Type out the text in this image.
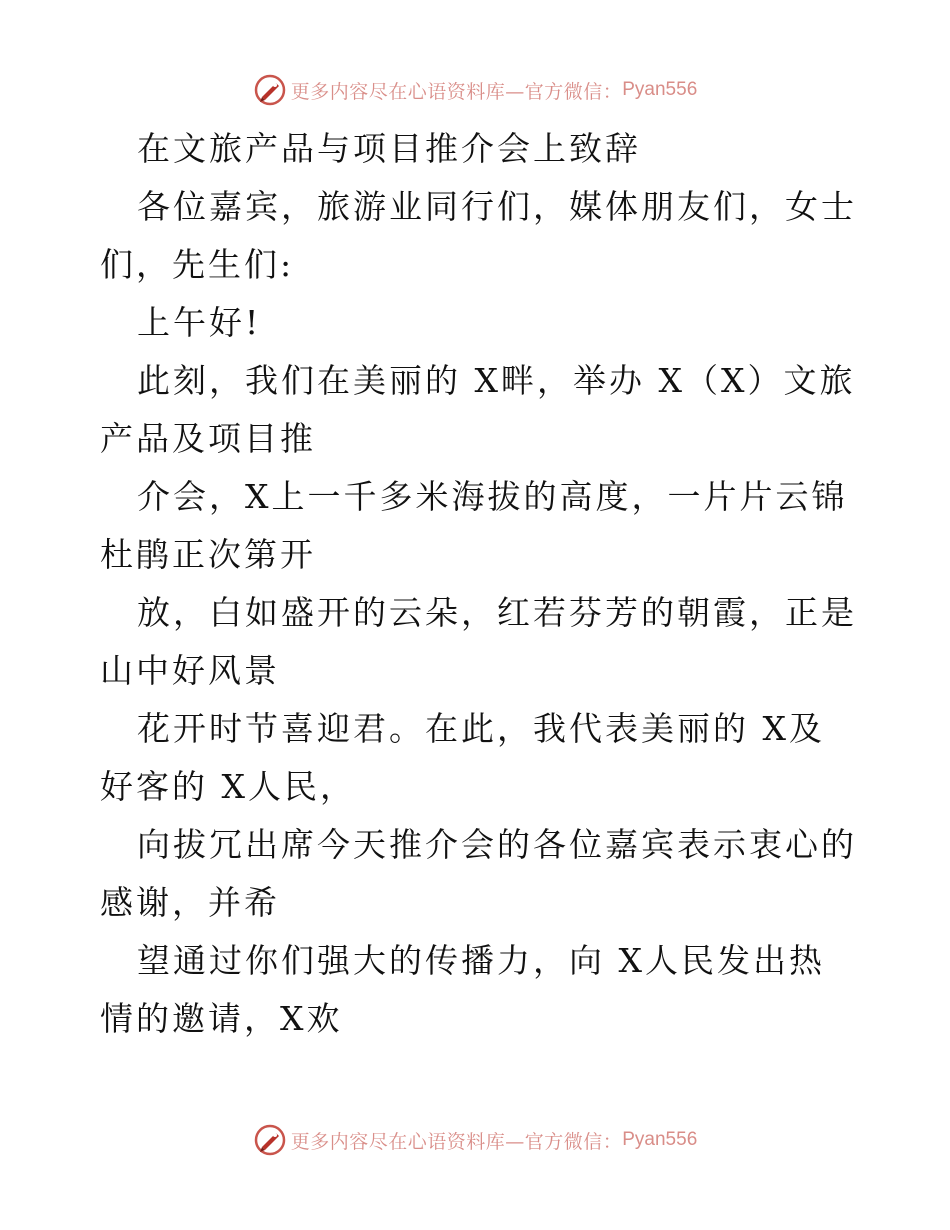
更多内容尽在心语资料库—官方微信： Pyan556

在文旅产品与项目推介会上致辞

各位嘉宾，旅游业同行们，媒体朋友们，女士们，先生们:

上午好!

此刻，我们在美丽的 X畔，举办 X（X）文旅产品及项目推

介会，X上一千多米海拔的高度，一片片云锦杜鹃正次第开

放，白如盛开的云朵，红若芬芳的朝霞，正是山中好风景

花开时节喜迎君。在此，我代表美丽的 X及好客的 X人民，

向拔冗出席今天推介会的各位嘉宾表示衷心的感谢，并希

望通过你们强大的传播力，向 X人民发出热情的邀请，X欢

更多内容尽在心语资料库—官方微信： Pyan556
